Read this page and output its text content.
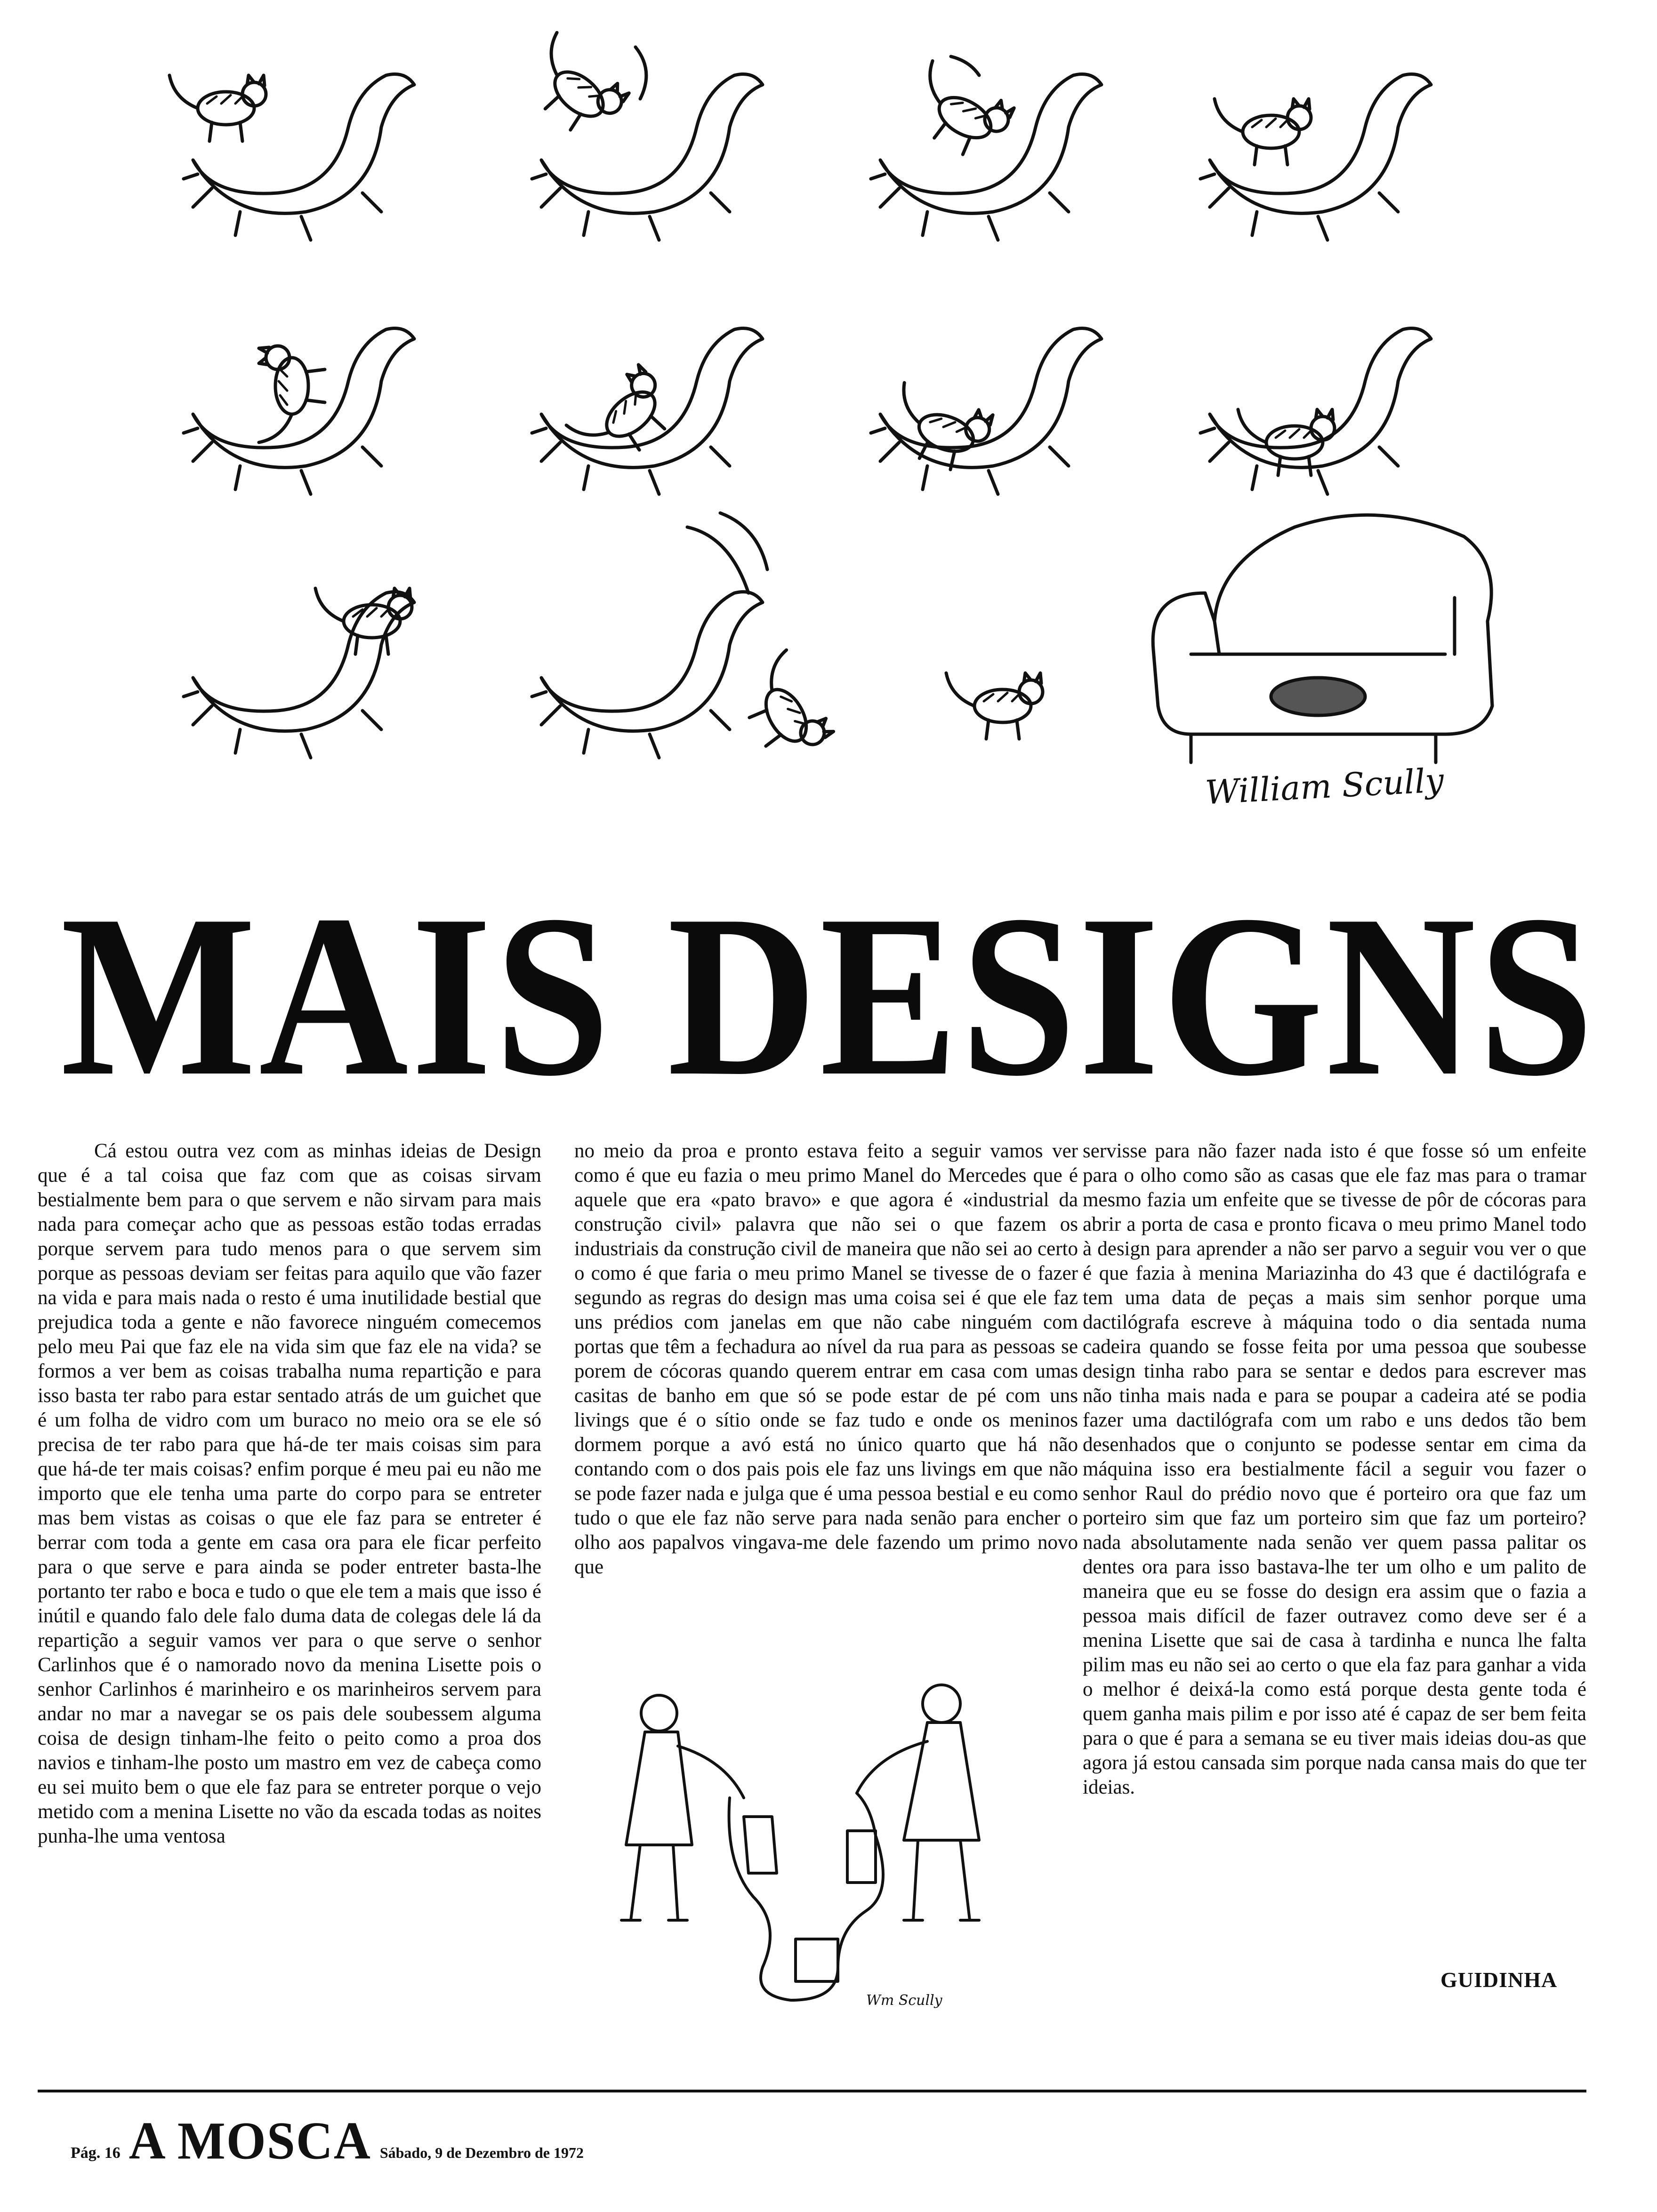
William Scully
MAIS DESIGNS

Cá estou outra vez com as minhas ideias de Design que é a tal coisa que faz com que as coisas sirvam bestialmente bem para o que servem e não sirvam para mais nada para começar acho que as pessoas estão todas erradas porque servem para tudo menos para o que servem sim porque as pessoas deviam ser feitas para aquilo que vão fazer na vida e para mais nada o resto é uma inutilidade bestial que prejudica toda a gente e não favorece ninguém comecemos pelo meu Pai que faz ele na vida sim que faz ele na vida? se formos a ver bem as coisas trabalha numa repartição e para isso basta ter rabo para estar sentado atrás de um guichet que é um folha de vidro com um buraco no meio ora se ele só precisa de ter rabo para que há-de ter mais coisas sim para que há-de ter mais coisas? enfim porque é meu pai eu não me importo que ele tenha uma parte do corpo para se entreter mas bem vistas as coisas o que ele faz para se entreter é berrar com toda a gente em casa ora para ele ficar perfeito para o que serve e para ainda se poder entreter basta-lhe portanto ter rabo e boca e tudo o que ele tem a mais que isso é inútil e quando falo dele falo duma data de colegas dele lá da repartição a seguir vamos ver para o que serve o senhor Carlinhos que é o namorado novo da menina Lisette pois o senhor Carlinhos é marinheiro e os marinheiros servem para andar no mar a navegar se os pais dele soubessem alguma coisa de design tinham-lhe feito o peito como a proa dos navios e tinham-lhe posto um mastro em vez de cabeça como eu sei muito bem o que ele faz para se entreter porque o vejo metido com a menina Lisette no vão da escada todas as noites punha-lhe uma ventosa

no meio da proa e pronto estava feito a seguir vamos ver como é que eu fazia o meu primo Manel do Mercedes que é aquele que era «pato bravo» e que agora é «industrial da construção civil» palavra que não sei o que fazem os industriais da construção civil de maneira que não sei ao certo o como é que faria o meu primo Manel se tivesse de o fazer segundo as regras do design mas uma coisa sei é que ele faz uns prédios com janelas em que não cabe ninguém com portas que têm a fechadura ao nível da rua para as pessoas se porem de cócoras quando querem entrar em casa com umas casitas de banho em que só se pode estar de pé com uns livings que é o sítio onde se faz tudo e onde os meninos dormem porque a avó está no único quarto que há não contando com o dos pais pois ele faz uns livings em que não se pode fazer nada e julga que é uma pessoa bestial e eu como tudo o que ele faz não serve para nada senão para encher o olho aos papalvos vingava-me dele fazendo um primo novo que

servisse para não fazer nada isto é que fosse só um enfeite para o olho como são as casas que ele faz mas para o tramar mesmo fazia um enfeite que se tivesse de pôr de cócoras para abrir a porta de casa e pronto ficava o meu primo Manel todo à design para aprender a não ser parvo a seguir vou ver o que é que fazia à menina Mariazinha do 43 que é dactilógrafa e tem uma data de peças a mais sim senhor porque uma dactilógrafa escreve à máquina todo o dia sentada numa cadeira quando se fosse feita por uma pessoa que soubesse design tinha rabo para se sentar e dedos para escrever mas não tinha mais nada e para se poupar a cadeira até se podia fazer uma dactilógrafa com um rabo e uns dedos tão bem desenhados que o conjunto se podesse sentar em cima da máquina isso era bestialmente fácil a seguir vou fazer o senhor Raul do prédio novo que é porteiro ora que faz um porteiro sim que faz um porteiro sim que faz um porteiro? nada absolutamente nada senão ver quem passa palitar os dentes ora para isso bastava-lhe ter um olho e um palito de maneira que eu se fosse do design era assim que o fazia a pessoa mais difícil de fazer outravez como deve ser é a menina Lisette que sai de casa à tardinha e nunca lhe falta pilim mas eu não sei ao certo o que ela faz para ganhar a vida o melhor é deixá-la como está porque desta gente toda é quem ganha mais pilim e por isso até é capaz de ser bem feita para o que é para a semana se eu tiver mais ideias dou-as que agora já estou cansada sim porque nada cansa mais do que ter ideias.

Wm Scully
GUIDINHA
Pág. 16 A MOSCA Sábado, 9 de Dezembro de 1972
